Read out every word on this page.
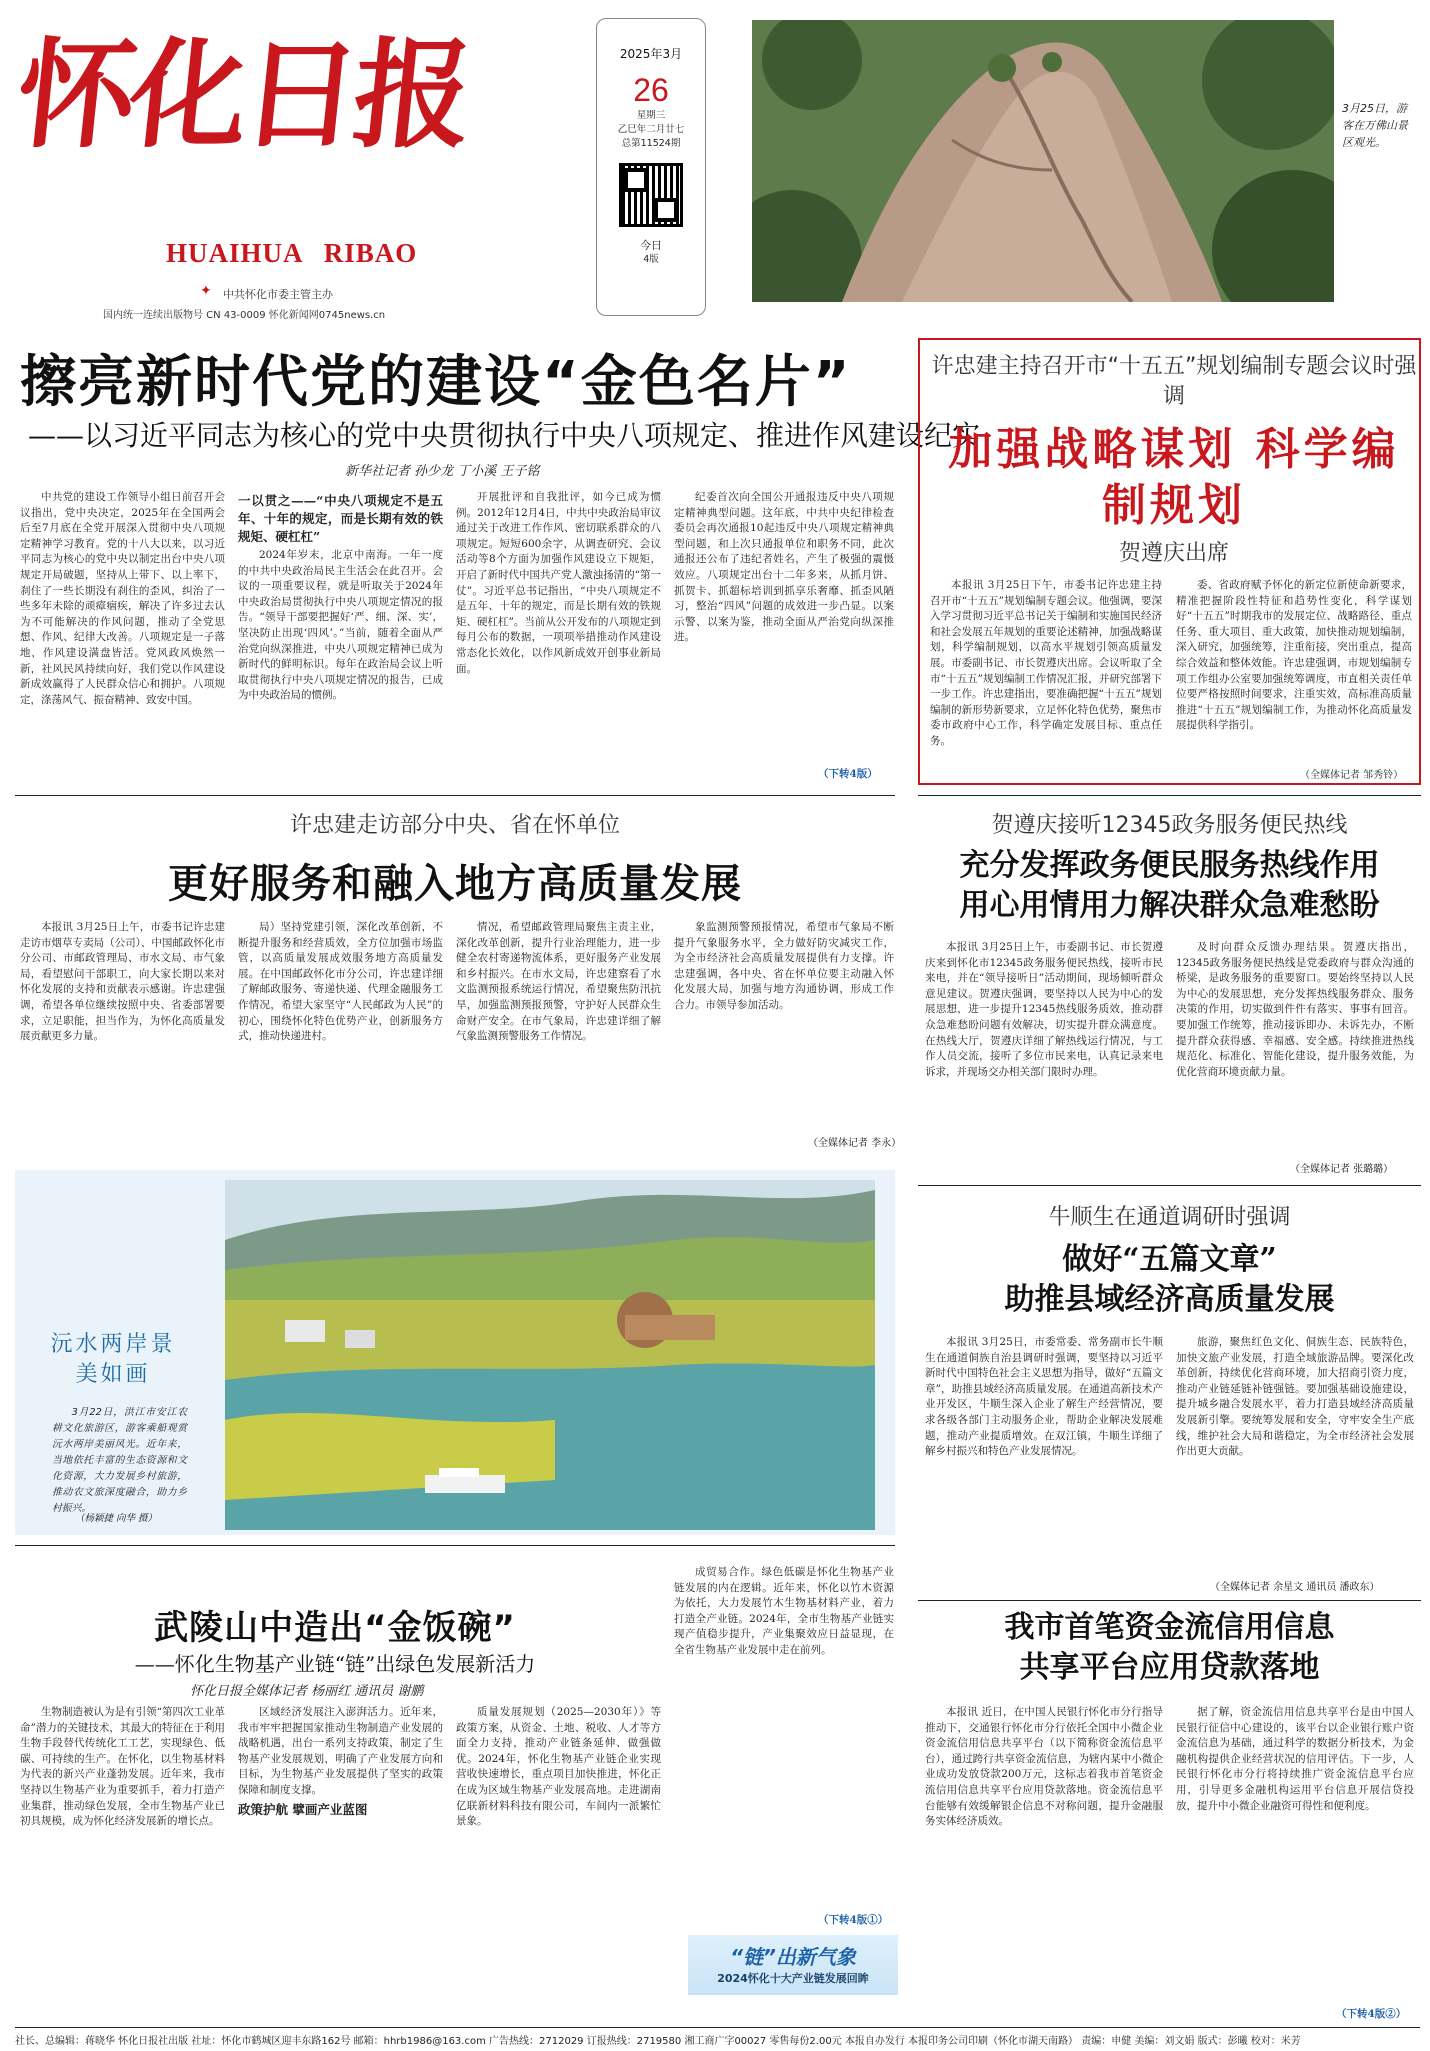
怀化日报
HUAIHUA RIBAO
✦	中共怀化市委主管主办
国内统一连续出版物号 CN 43-0009 怀化新闻网0745news.cn
2025年3月
26
星期三
乙巳年二月廿七
总第11524期
今日
4版
3月25日，游客在万佛山景区观光。
擦亮新时代党的建设“金色名片”
——以习近平同志为核心的党中央贯彻执行中央八项规定、推进作风建设纪实
新华社记者 孙少龙 丁小溪 王子铭

中共党的建设工作领导小组日前召开会议指出，党中央决定，2025年在全国两会后至7月底在全党开展深入贯彻中央八项规定精神学习教育。党的十八大以来，以习近平同志为核心的党中央以制定出台中央八项规定开局破题，坚持从上带下、以上率下，刹住了一些长期没有刹住的歪风，纠治了一些多年未除的顽瘴痼疾，解决了许多过去认为不可能解决的作风问题，推动了全党思想、作风、纪律大改善。八项规定是一子落地，作风建设满盘皆活。党风政风焕然一新，社风民风持续向好，我们党以作风建设新成效赢得了人民群众信心和拥护。八项规定，涤荡风气、振奋精神、致安中国。

一以贯之——“中央八项规定不是五年、十年的规定，而是长期有效的铁规矩、硬杠杠”

2024年岁末，北京中南海。一年一度的中共中央政治局民主生活会在此召开。会议的一项重要议程，就是听取关于2024年中央政治局贯彻执行中央八项规定情况的报告。“领导干部要把握好‘严、细、深、实’，坚决防止出现‘四风’。”当前，随着全面从严治党向纵深推进，中央八项规定精神已成为新时代的鲜明标识。每年在政治局会议上听取贯彻执行中央八项规定情况的报告，已成为中央政治局的惯例。

开展批评和自我批评，如今已成为惯例。2012年12月4日，中共中央政治局审议通过关于改进工作作风、密切联系群众的八项规定。短短600余字，从调查研究、会议活动等8个方面为加强作风建设立下规矩，开启了新时代中国共产党人激浊扬清的“第一仗”。习近平总书记指出，“中央八项规定不是五年、十年的规定，而是长期有效的铁规矩、硬杠杠”。当前从公开发布的八项规定到每月公布的数据，一项项举措推动作风建设常态化长效化，以作风新成效开创事业新局面。

纪委首次向全国公开通报违反中央八项规定精神典型问题。这年底，中共中央纪律检查委员会再次通报10起违反中央八项规定精神典型问题，和上次只通报单位和职务不同，此次通报还公布了违纪者姓名，产生了极强的震慑效应。八项规定出台十二年多来，从抓月饼、抓贺卡、抓超标培训到抓享乐奢靡、抓歪风陋习，整治“四风”问题的成效进一步凸显。以案示警、以案为鉴，推动全面从严治党向纵深推进。

（下转4版）
许忠建主持召开市“十五五”规划编制专题会议时强调
加强战略谋划 科学编制规划
贺遵庆出席

本报讯 3月25日下午，市委书记许忠建主持召开市“十五五”规划编制专题会议。他强调，要深入学习贯彻习近平总书记关于编制和实施国民经济和社会发展五年规划的重要论述精神，加强战略谋划，科学编制规划，以高水平规划引领高质量发展。市委副书记、市长贺遵庆出席。会议听取了全市“十五五”规划编制工作情况汇报，并研究部署下一步工作。许忠建指出，要准确把握“十五五”规划编制的新形势新要求，立足怀化特色优势，聚焦市委市政府中心工作，科学确定发展目标、重点任务。

委、省政府赋予怀化的新定位新使命新要求，精准把握阶段性特征和趋势性变化，科学谋划好“十五五”时期我市的发展定位、战略路径、重点任务、重大项目、重大政策，加快推动规划编制，深入研究，加强统筹，注重衔接，突出重点，提高综合效益和整体效能。许忠建强调，市规划编制专项工作组办公室要加强统筹调度，市直相关责任单位要严格按照时间要求，注重实效，高标准高质量推进“十五五”规划编制工作，为推动怀化高质量发展提供科学指引。

（全媒体记者 邹秀铃）
许忠建走访部分中央、省在怀单位
更好服务和融入地方高质量发展

本报讯 3月25日上午，市委书记许忠建走访市烟草专卖局（公司）、中国邮政怀化市分公司、市邮政管理局、市水文局、市气象局，看望慰问干部职工，向大家长期以来对怀化发展的支持和贡献表示感谢。许忠建强调，希望各单位继续按照中央、省委部署要求，立足职能，担当作为，为怀化高质量发展贡献更多力量。

局）坚持党建引领，深化改革创新，不断提升服务和经营质效，全方位加强市场监管，以高质量发展成效服务地方高质量发展。在中国邮政怀化市分公司，许忠建详细了解邮政服务、寄递快递、代理金融服务工作情况，希望大家坚守“人民邮政为人民”的初心，围绕怀化特色优势产业，创新服务方式，推动快递进村。

情况，希望邮政管理局聚焦主责主业，深化改革创新，提升行业治理能力，进一步健全农村寄递物流体系，更好服务产业发展和乡村振兴。在市水文局，许忠建察看了水文监测预报系统运行情况，希望聚焦防汛抗旱，加强监测预报预警，守护好人民群众生命财产安全。在市气象局，许忠建详细了解气象监测预警服务工作情况。

象监测预警预报情况，希望市气象局不断提升气象服务水平，全力做好防灾减灾工作，为全市经济社会高质量发展提供有力支撑。许忠建强调，各中央、省在怀单位要主动融入怀化发展大局，加强与地方沟通协调，形成工作合力。市领导参加活动。

（全媒体记者 李永）
贺遵庆接听12345政务服务便民热线
充分发挥政务便民服务热线作用
用心用情用力解决群众急难愁盼

本报讯 3月25日上午，市委副书记、市长贺遵庆来到怀化市12345政务服务便民热线，接听市民来电，并在“领导接听日”活动期间，现场倾听群众意见建议。贺遵庆强调，要坚持以人民为中心的发展思想，进一步提升12345热线服务质效，推动群众急难愁盼问题有效解决，切实提升群众满意度。在热线大厅，贺遵庆详细了解热线运行情况，与工作人员交流，接听了多位市民来电，认真记录来电诉求，并现场交办相关部门限时办理。

及时向群众反馈办理结果。贺遵庆指出，12345政务服务便民热线是党委政府与群众沟通的桥梁，是政务服务的重要窗口。要始终坚持以人民为中心的发展思想，充分发挥热线服务群众、服务决策的作用，切实做到件件有落实、事事有回音。要加强工作统筹，推动接诉即办、未诉先办，不断提升群众获得感、幸福感、安全感。持续推进热线规范化、标准化、智能化建设，提升服务效能，为优化营商环境贡献力量。

（全媒体记者 张璐璐）
沅水两岸景美如画
3月22日，洪江市安江农耕文化旅游区，游客乘船观赏沅水两岸美丽风光。近年来，当地依托丰富的生态资源和文化资源，大力发展乡村旅游，推动农文旅深度融合，助力乡村振兴。
（杨颖捷 向华 摄）
牛顺生在通道调研时强调
做好“五篇文章”
助推县域经济高质量发展

本报讯 3月25日，市委常委、常务副市长牛顺生在通道侗族自治县调研时强调，要坚持以习近平新时代中国特色社会主义思想为指导，做好“五篇文章”，助推县域经济高质量发展。在通道高新技术产业开发区，牛顺生深入企业了解生产经营情况，要求各级各部门主动服务企业，帮助企业解决发展难题，推动产业提质增效。在双江镇，牛顺生详细了解乡村振兴和特色产业发展情况。

旅游，聚焦红色文化、侗族生态、民族特色，加快文旅产业发展，打造全域旅游品牌。要深化改革创新，持续优化营商环境，加大招商引资力度，推动产业链延链补链强链。要加强基础设施建设，提升城乡融合发展水平，着力打造县域经济高质量发展新引擎。要统筹发展和安全，守牢安全生产底线，维护社会大局和谐稳定，为全市经济社会发展作出更大贡献。

（全媒体记者 余星文 通讯员 潘政东）
我市首笔资金流信用信息
共享平台应用贷款落地

本报讯 近日，在中国人民银行怀化市分行指导推动下，交通银行怀化市分行依托全国中小微企业资金流信用信息共享平台（以下简称资金流信息平台），通过跨行共享资金流信息，为辖内某中小微企业成功发放贷款200万元，这标志着我市首笔资金流信用信息共享平台应用贷款落地。资金流信息平台能够有效缓解银企信息不对称问题，提升金融服务实体经济质效。

据了解，资金流信用信息共享平台是由中国人民银行征信中心建设的，该平台以企业银行账户资金流信息为基础，通过科学的数据分析技术，为金融机构提供企业经营状况的信用评估。下一步，人民银行怀化市分行将持续推广资金流信息平台应用，引导更多金融机构运用平台信息开展信贷投放，提升中小微企业融资可得性和便利度。

（下转4版②）
武陵山中造出“金饭碗”
——怀化生物基产业链“链”出绿色发展新活力
怀化日报全媒体记者 杨丽红 通讯员 谢鹏

生物制造被认为是有引领“第四次工业革命”潜力的关键技术，其最大的特征在于利用生物手段替代传统化工工艺，实现绿色、低碳、可持续的生产。在怀化，以生物基材料为代表的新兴产业蓬勃发展。近年来，我市坚持以生物基产业为重要抓手，着力打造产业集群，推动绿色发展，全市生物基产业已初具规模，成为怀化经济发展新的增长点。

区域经济发展注入澎湃活力。近年来，我市牢牢把握国家推动生物制造产业发展的战略机遇，出台一系列支持政策，制定了生物基产业发展规划，明确了产业发展方向和目标，为生物基产业发展提供了坚实的政策保障和制度支撑。

政策护航 擘画产业蓝图

质量发展规划（2025—2030年）》等政策方案，从资金、土地、税收、人才等方面全力支持，推动产业链条延伸、做强做优。2024年，怀化生物基产业链企业实现营收快速增长，重点项目加快推进，怀化正在成为区域生物基产业发展高地。走进湖南亿联新材料科技有限公司，车间内一派繁忙景象。

成贸易合作。绿色低碳是怀化生物基产业链发展的内在逻辑。近年来，怀化以竹木资源为依托，大力发展竹木生物基材料产业，着力打造全产业链。2024年，全市生物基产业链实现产值稳步提升，产业集聚效应日益显现，在全省生物基产业发展中走在前列。

（下转4版①）
“链”出新气象
2024怀化十大产业链发展回眸
社长、总编辑：蒋晓华 怀化日报社出版 社址：怀化市鹤城区迎丰东路162号 邮箱：hhrb1986@163.com 广告热线：2712029 订报热线：2719580 湘工商广字00027 零售每份2.00元 本报自办发行 本报印务公司印刷（怀化市湖天南路） 责编：申健 美编：刘文娟 版式：彭曦 校对：米芳
